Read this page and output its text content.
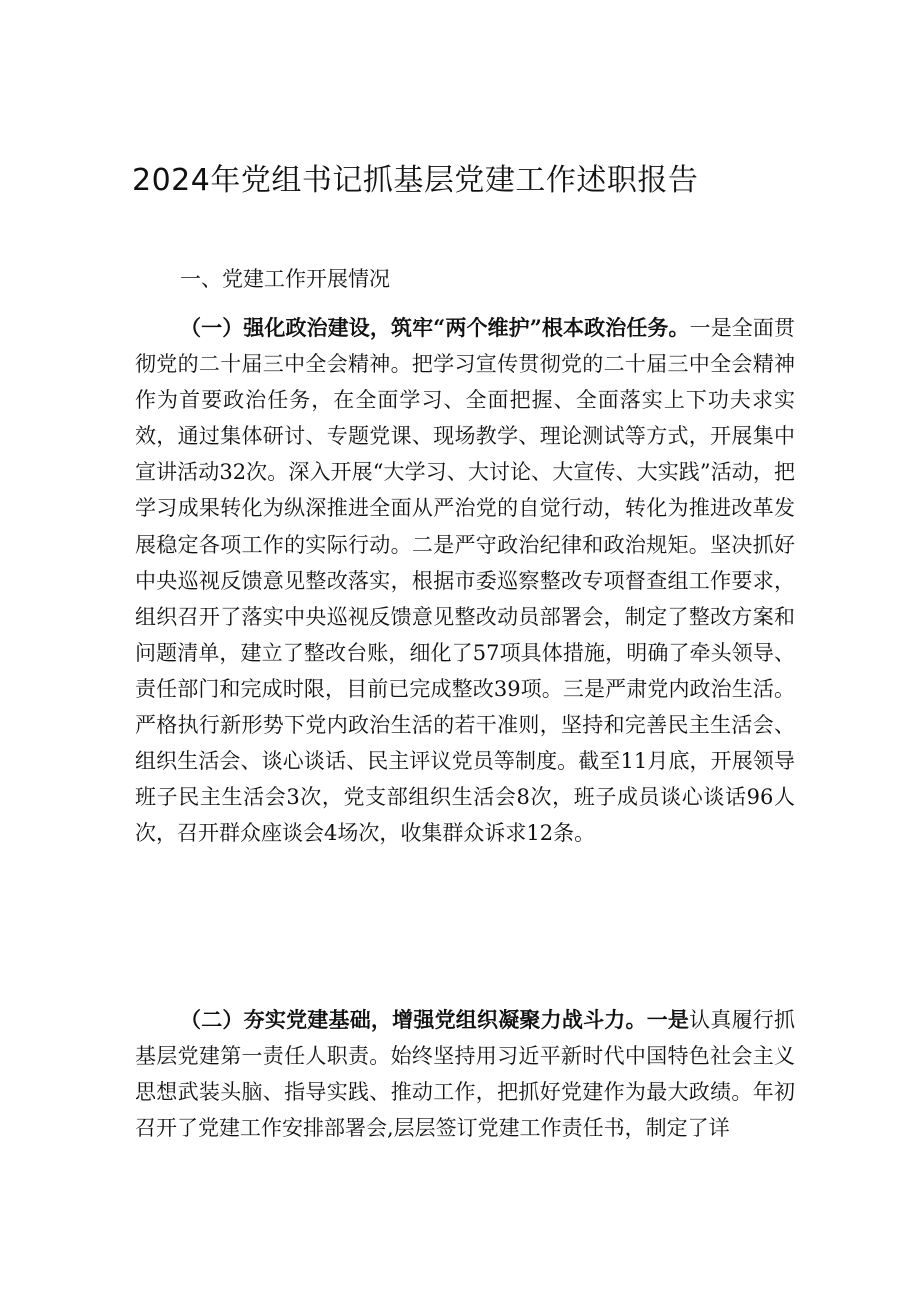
2024年党组书记抓基层党建工作述职报告
一、党建工作开展情况

（一）强化政治建设，筑牢“两个维护”根本政治任务。一是全面贯彻党的二十届三中全会精神。把学习宣传贯彻党的二十届三中全会精神作为首要政治任务，在全面学习、全面把握、全面落实上下功夫求实效，通过集体研讨、专题党课、现场教学、理论测试等方式，开展集中宣讲活动32次。深入开展“大学习、大讨论、大宣传、大实践”活动，把学习成果转化为纵深推进全面从严治党的自觉行动，转化为推进改革发展稳定各项工作的实际行动。二是严守政治纪律和政治规矩。坚决抓好中央巡视反馈意见整改落实，根据市委巡察整改专项督查组工作要求，组织召开了落实中央巡视反馈意见整改动员部署会，制定了整改方案和问题清单，建立了整改台账，细化了57项具体措施，明确了牵头领导、责任部门和完成时限，目前已完成整改39项。三是严肃党内政治生活。严格执行新形势下党内政治生活的若干准则，坚持和完善民主生活会、组织生活会、谈心谈话、民主评议党员等制度。截至11月底，开展领导班子民主生活会3次，党支部组织生活会8次，班子成员谈心谈话96人次，召开群众座谈会4场次，收集群众诉求12条。

（二）夯实党建基础，增强党组织凝聚力战斗力。一是认真履行抓基层党建第一责任人职责。始终坚持用习近平新时代中国特色社会主义思想武装头脑、指导实践、推动工作，把抓好党建作为最大政绩。年初召开了党建工作安排部署会,层层签订党建工作责任书，制定了详
